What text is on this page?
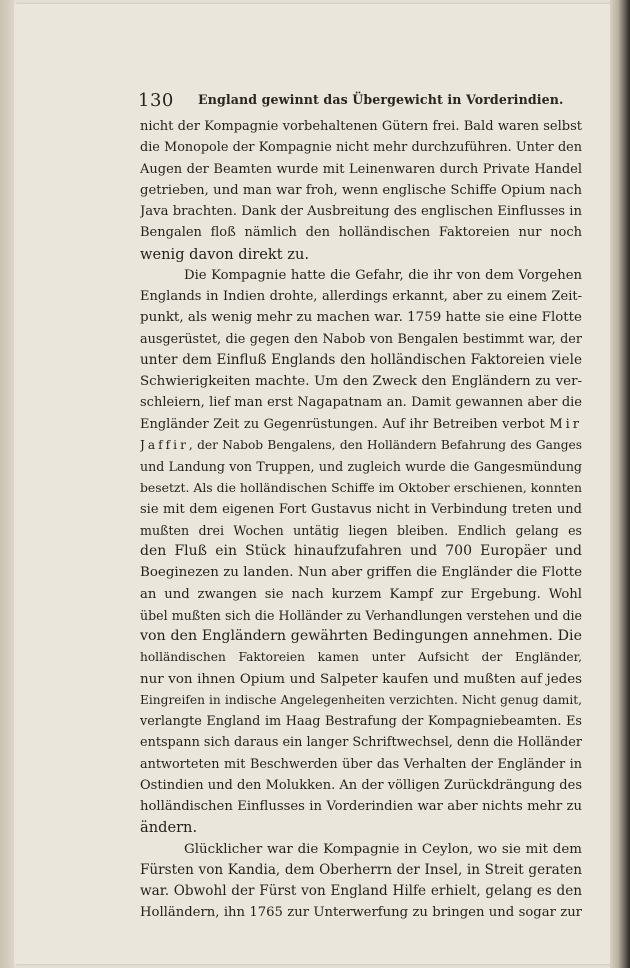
130 England gewinnt das Übergewicht in Vorderindien.
nicht der Kompagnie vorbehaltenen Gütern frei. Bald waren selbst
die Monopole der Kompagnie nicht mehr durchzuführen. Unter den
Augen der Beamten wurde mit Leinenwaren durch Private Handel
getrieben, und man war froh, wenn englische Schiffe Opium nach
Java brachten. Dank der Ausbreitung des englischen Einflusses in
Bengalen floß nämlich den holländischen Faktoreien nur noch
wenig davon direkt zu.
Die Kompagnie hatte die Gefahr, die ihr von dem Vorgehen
Englands in Indien drohte, allerdings erkannt, aber zu einem Zeit-
punkt, als wenig mehr zu machen war. 1759 hatte sie eine Flotte
ausgerüstet, die gegen den Nabob von Bengalen bestimmt war, der
unter dem Einfluß Englands den holländischen Faktoreien viele
Schwierigkeiten machte. Um den Zweck den Engländern zu ver-
schleiern, lief man erst Nagapatnam an. Damit gewannen aber die
Engländer Zeit zu Gegenrüstungen. Auf ihr Betreiben verbot Mir
Jaffir, der Nabob Bengalens, den Holländern Befahrung des Ganges
und Landung von Truppen, und zugleich wurde die Gangesmündung
besetzt. Als die holländischen Schiffe im Oktober erschienen, konnten
sie mit dem eigenen Fort Gustavus nicht in Verbindung treten und
mußten drei Wochen untätig liegen bleiben. Endlich gelang es
den Fluß ein Stück hinaufzufahren und 700 Europäer und
Boeginezen zu landen. Nun aber griffen die Engländer die Flotte
an und zwangen sie nach kurzem Kampf zur Ergebung. Wohl
übel mußten sich die Holländer zu Verhandlungen verstehen und die
von den Engländern gewährten Bedingungen annehmen. Die
holländischen Faktoreien kamen unter Aufsicht der Engländer,
nur von ihnen Opium und Salpeter kaufen und mußten auf jedes
Eingreifen in indische Angelegenheiten verzichten. Nicht genug damit,
verlangte England im Haag Bestrafung der Kompagniebeamten. Es
entspann sich daraus ein langer Schriftwechsel, denn die Holländer
antworteten mit Beschwerden über das Verhalten der Engländer in
Ostindien und den Molukken. An der völligen Zurückdrängung des
holländischen Einflusses in Vorderindien war aber nichts mehr zu
ändern.
Glücklicher war die Kompagnie in Ceylon, wo sie mit dem
Fürsten von Kandia, dem Oberherrn der Insel, in Streit geraten
war. Obwohl der Fürst von England Hilfe erhielt, gelang es den
Holländern, ihn 1765 zur Unterwerfung zu bringen und sogar zur
